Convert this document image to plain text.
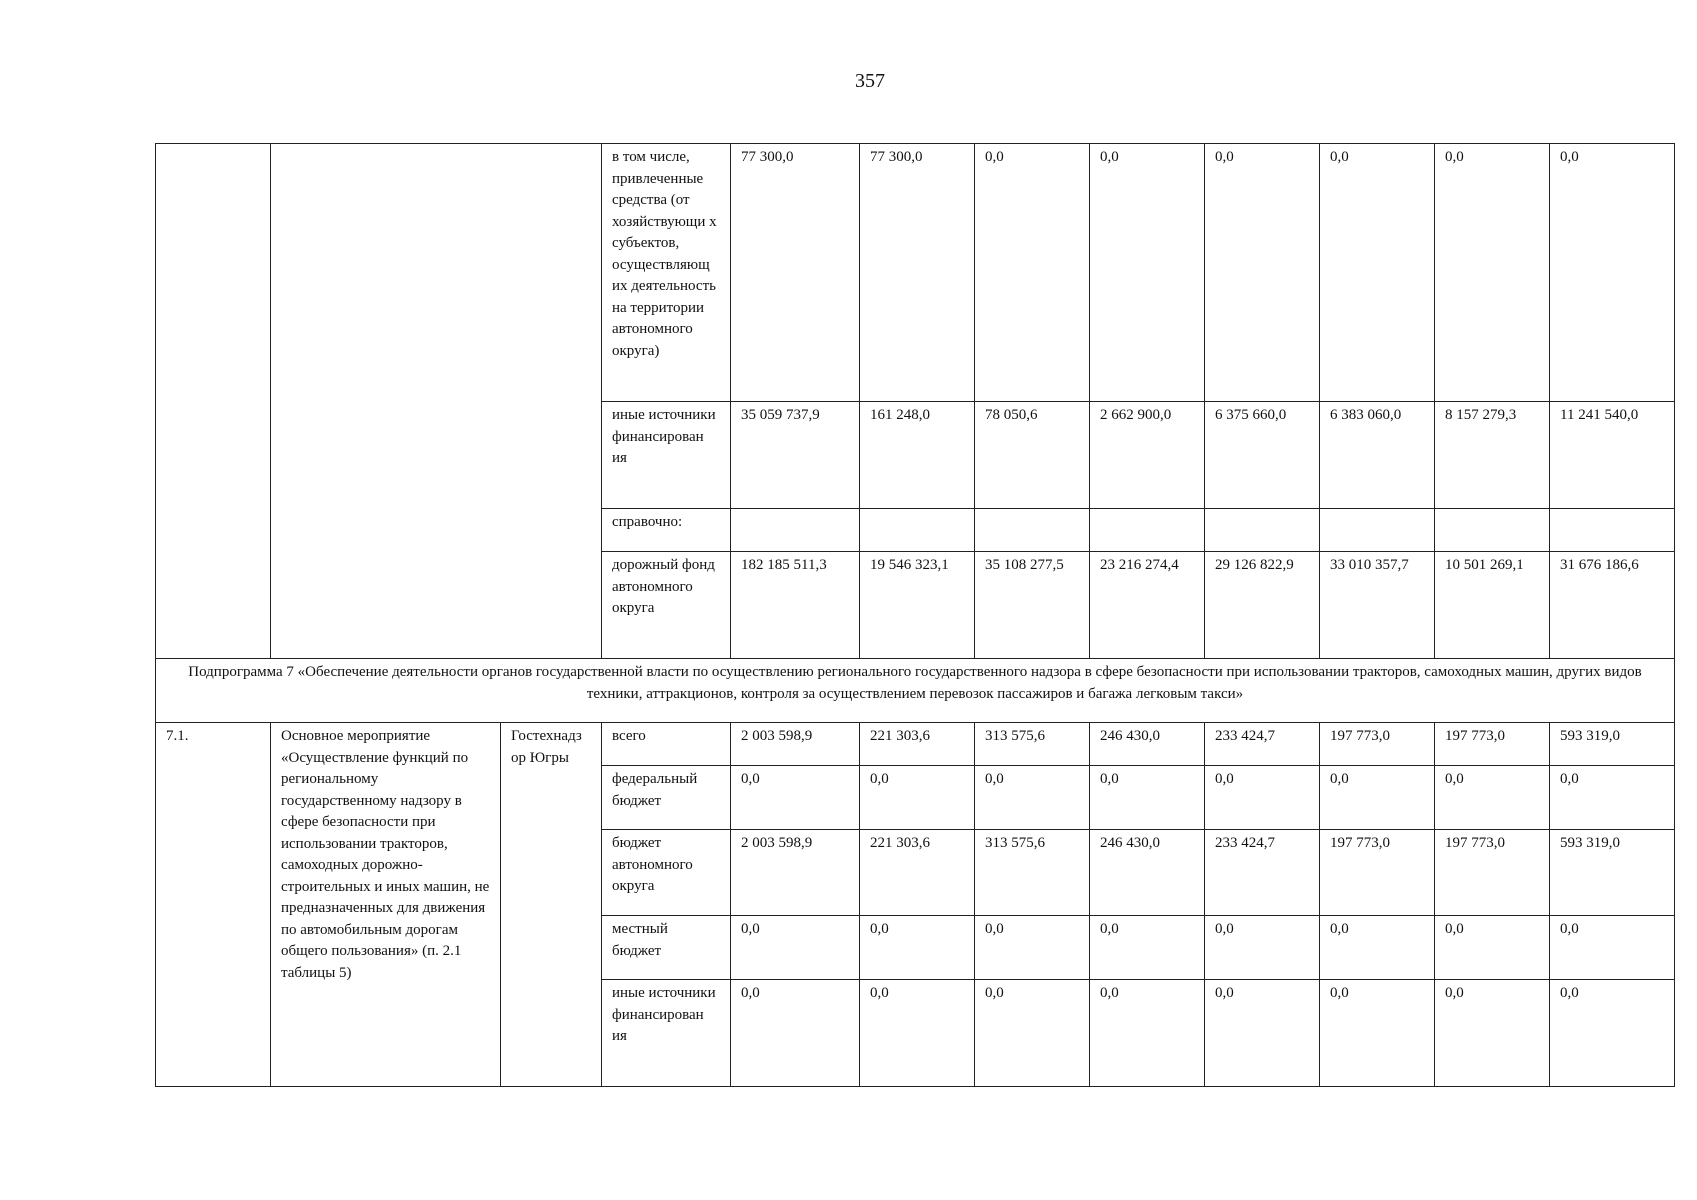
357
			в том числе, привлеченные средства (от хозяйствующи х субъектов, осуществляющ их деятельность на территории автономного округа)	77 300,0	77 300,0	0,0	0,0	0,0	0,0	0,0	0,0
			иные источники финансирован ия	35 059 737,9	161 248,0	78 050,6	2 662 900,0	6 375 660,0	6 383 060,0	8 157 279,3	11 241 540,0
			справочно:								
			дорожный фонд автономного округа	182 185 511,3	19 546 323,1	35 108 277,5	23 216 274,4	29 126 822,9	33 010 357,7	10 501 269,1	31 676 186,6
Подпрограмма 7 «Обеспечение деятельности органов государственной власти по осуществлению регионального государственного надзора в сфере безопасности при использовании тракторов, самоходных машин, других видов техники, аттракционов, контроля за осуществлением перевозок пассажиров и багажа легковым такси»											
7.1.	Основное мероприятие «Осуществление функций по региональному государственному надзору в сфере безопасности при использовании тракторов, самоходных дорожно-строительных и иных машин, не предназначенных для движения по автомобильным дорогам общего пользования» (п. 2.1 таблицы 5)	Гостехнадз ор Югры	всего	2 003 598,9	221 303,6	313 575,6	246 430,0	233 424,7	197 773,0	197 773,0	593 319,0
			федеральный бюджет	0,0	0,0	0,0	0,0	0,0	0,0	0,0	0,0
			бюджет автономного округа	2 003 598,9	221 303,6	313 575,6	246 430,0	233 424,7	197 773,0	197 773,0	593 319,0
			местный бюджет	0,0	0,0	0,0	0,0	0,0	0,0	0,0	0,0
			иные источники финансирован ия	0,0	0,0	0,0	0,0	0,0	0,0	0,0	0,0
